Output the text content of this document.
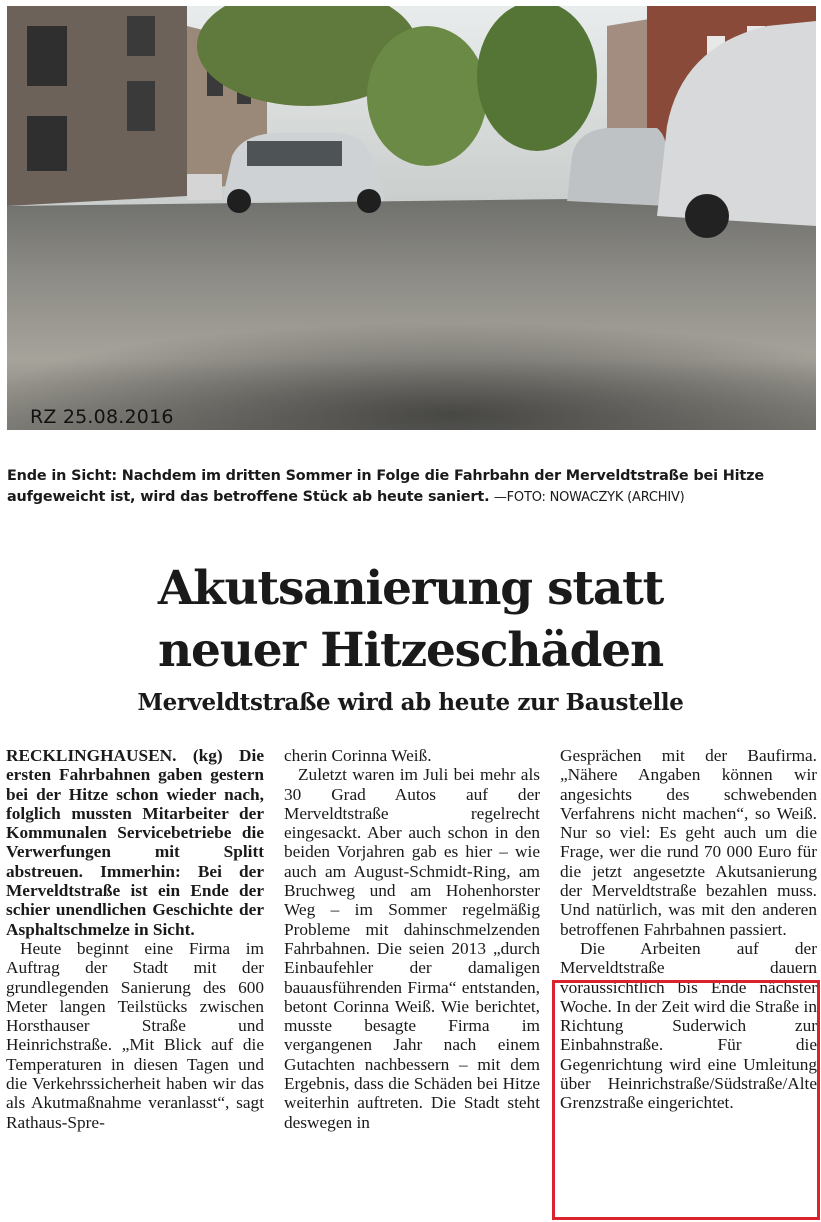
RZ 25.08.2016
Ende in Sicht: Nachdem im dritten Sommer in Folge die Fahrbahn der Merveldtstraße bei Hitze aufgeweicht ist, wird das betroffene Stück ab heute saniert. —FOTO: NOWACZYK (ARCHIV)
Akutsanierung statt
neuer Hitzeschäden
Merveldtstraße wird ab heute zur Baustelle

RECKLINGHAUSEN. (kg) Die ersten Fahrbahnen gaben gestern bei der Hitze schon wieder nach, folglich mussten Mitarbeiter der Kommunalen Servicebetriebe die Verwerfungen mit Splitt abstreuen. Immerhin: Bei der Merveldtstraße ist ein Ende der schier unendlichen Geschichte der Asphaltschmelze in Sicht.

Heute beginnt eine Firma im Auftrag der Stadt mit der grundlegenden Sanierung des 600 Meter langen Teilstücks zwischen Horsthauser Straße und Heinrichstraße. „Mit Blick auf die Temperaturen in diesen Tagen und die Verkehrssicherheit haben wir das als Akutmaßnahme veranlasst“, sagt Rathaus-Spre-

cherin Corinna Weiß.

Zuletzt waren im Juli bei mehr als 30 Grad Autos auf der Merveldtstraße regelrecht eingesackt. Aber auch schon in den beiden Vorjahren gab es hier – wie auch am August-Schmidt-Ring, am Bruchweg und am Hohenhorster Weg – im Sommer regelmäßig Probleme mit dahinschmelzenden Fahrbahnen. Die seien 2013 „durch Einbaufehler der damaligen bauausführenden Firma“ entstanden, betont Corinna Weiß. Wie berichtet, musste besagte Firma im vergangenen Jahr nach einem Gutachten nachbessern – mit dem Ergebnis, dass die Schäden bei Hitze weiterhin auftreten. Die Stadt steht deswegen in

Gesprächen mit der Baufirma. „Nähere Angaben können wir angesichts des schwebenden Verfahrens nicht machen“, so Weiß. Nur so viel: Es geht auch um die Frage, wer die rund 70 000 Euro für die jetzt angesetzte Akutsanierung der Merveldtstraße bezahlen muss. Und natürlich, was mit den anderen betroffenen Fahrbahnen passiert.

Die Arbeiten auf der Merveldtstraße dauern voraussichtlich bis Ende nächster Woche. In der Zeit wird die Straße in Richtung Suderwich zur Einbahnstraße. Für die Gegenrichtung wird eine Umleitung über Heinrichstraße/Südstraße/Alte Grenzstraße eingerichtet.
